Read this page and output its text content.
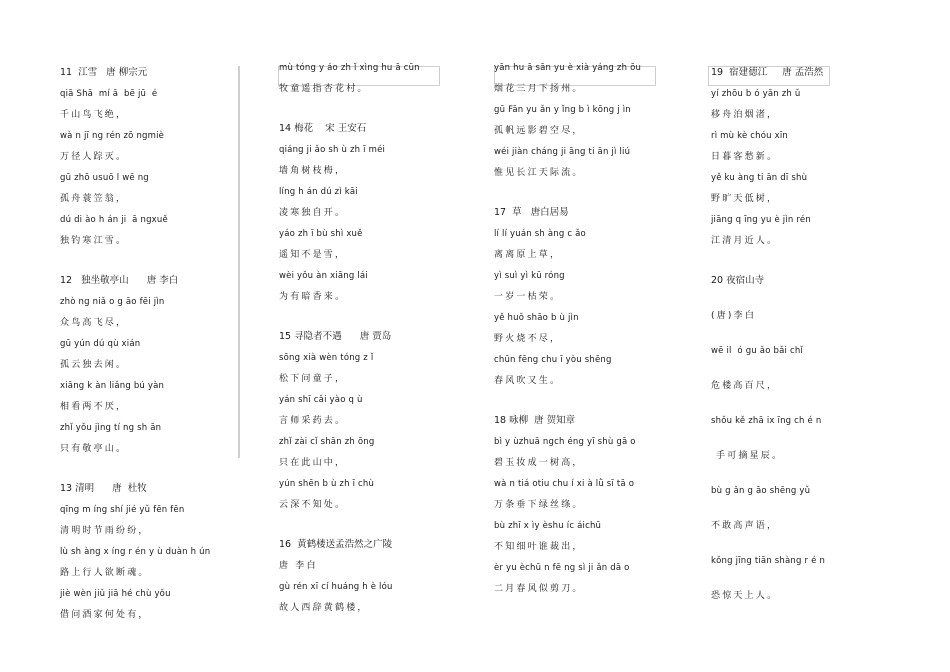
11  江雪   唐 柳宗元
qiā Shā  mí ā  bē jū  é
千山鸟飞绝，
wà n jī ng rén zō ngmiè
万径人踪灭。
gū zhō usuō l wē ng
孤舟蓑笠翁，
dú di ào h án ji  ā ngxuě
独钓寒江雪。
12   独坐敬亭山      唐 李白
zhò ng niǎ o g āo fēi jìn
众鸟高飞尽，
gū yún dú qù xián
孤云独去闲。
xiāng k àn liǎng bú yàn
相看两不厌，
zhǐ yǒu jìng tí ng sh ān
只有敬亭山。
13 清明      唐  杜牧
qīng m íng shí jié yǔ fēn fēn
清明时节雨纷纷，
lù sh àng x íng r én y ù duàn h ún
路上行人欲断魂。
jiè wèn jiǔ jiā hé chù yǒu
借问酒家何处有，
mù tóng y áo zh ǐ xìng hu ā cūn
牧童遥指杏花村。
14 梅花    宋 王安石
qiáng ji ǎo sh ù zh ī méi
墙角树枝梅，
líng h án dú zì kāi
凌寒独自开。
yáo zh ī bù shì xuě
遥知不是雪，
wèi yǒu àn xiāng lái
为有暗香来。
15 寻隐者不遇      唐 贾岛
sōng xià wèn tóng z ǐ
松下问童子，
yán shī cǎi yào q ù
言师采药去。
zhǐ zài cǐ shān zh ōng
只在此山中，
yún shēn b ù zh ī chù
云深不知处。
16  黄鹤楼送孟浩然之广陵
唐 李白
gù rén xī cí huáng h è lóu
故人西辞黄鹤楼，
yān hu ā sān yu è xià yáng zh ōu
烟花三月下扬州。
gū Fān yu ǎn y ǐng b ì kōng j ìn
孤帆远影碧空尽，
wéi jiàn cháng ji āng ti ān jì liú
惟见长江天际流。
17  草   唐白居易
lí lí yuán sh àng c ǎo
离离原上草，
yì suì yì kū róng
一岁一枯荣。
yě huǒ shāo b ù jìn
野火烧不尽，
chūn fēng chu ī yòu shēng
春风吹又生。
18 咏柳  唐 贺知章
bì y ùzhuā ngch éng yī shù gā o
碧玉妆成一树高，
wà n tiá otiu chu í xi à lǜ sī tā o
万条垂下绿丝绦。
bù zhī x ìy èshu íc áichū
不知细叶谁裁出，
èr yu èchū n fē ng sì ji ǎn dā o
二月春风似剪刀。
19  宿建德江     唐 孟浩然
yí zhōu b ó yān zh ǔ
移舟泊烟渚，
rì mù kè chóu xīn
日暮客愁新。
yě ku àng ti ān dī shù
野旷天低树，
jiāng q īng yu è jìn rén
江清月近人。
20 夜宿山寺
(唐)李白
wē il  ó gu ǎo bǎi chǐ
危楼高百尺，
shǒu kě zhā ix īng ch é n
手可摘星辰。
bù g ǎn g āo shēng yǔ
不敢高声语，
kǒng jīng tiān shàng r é n
恐惊天上人。
